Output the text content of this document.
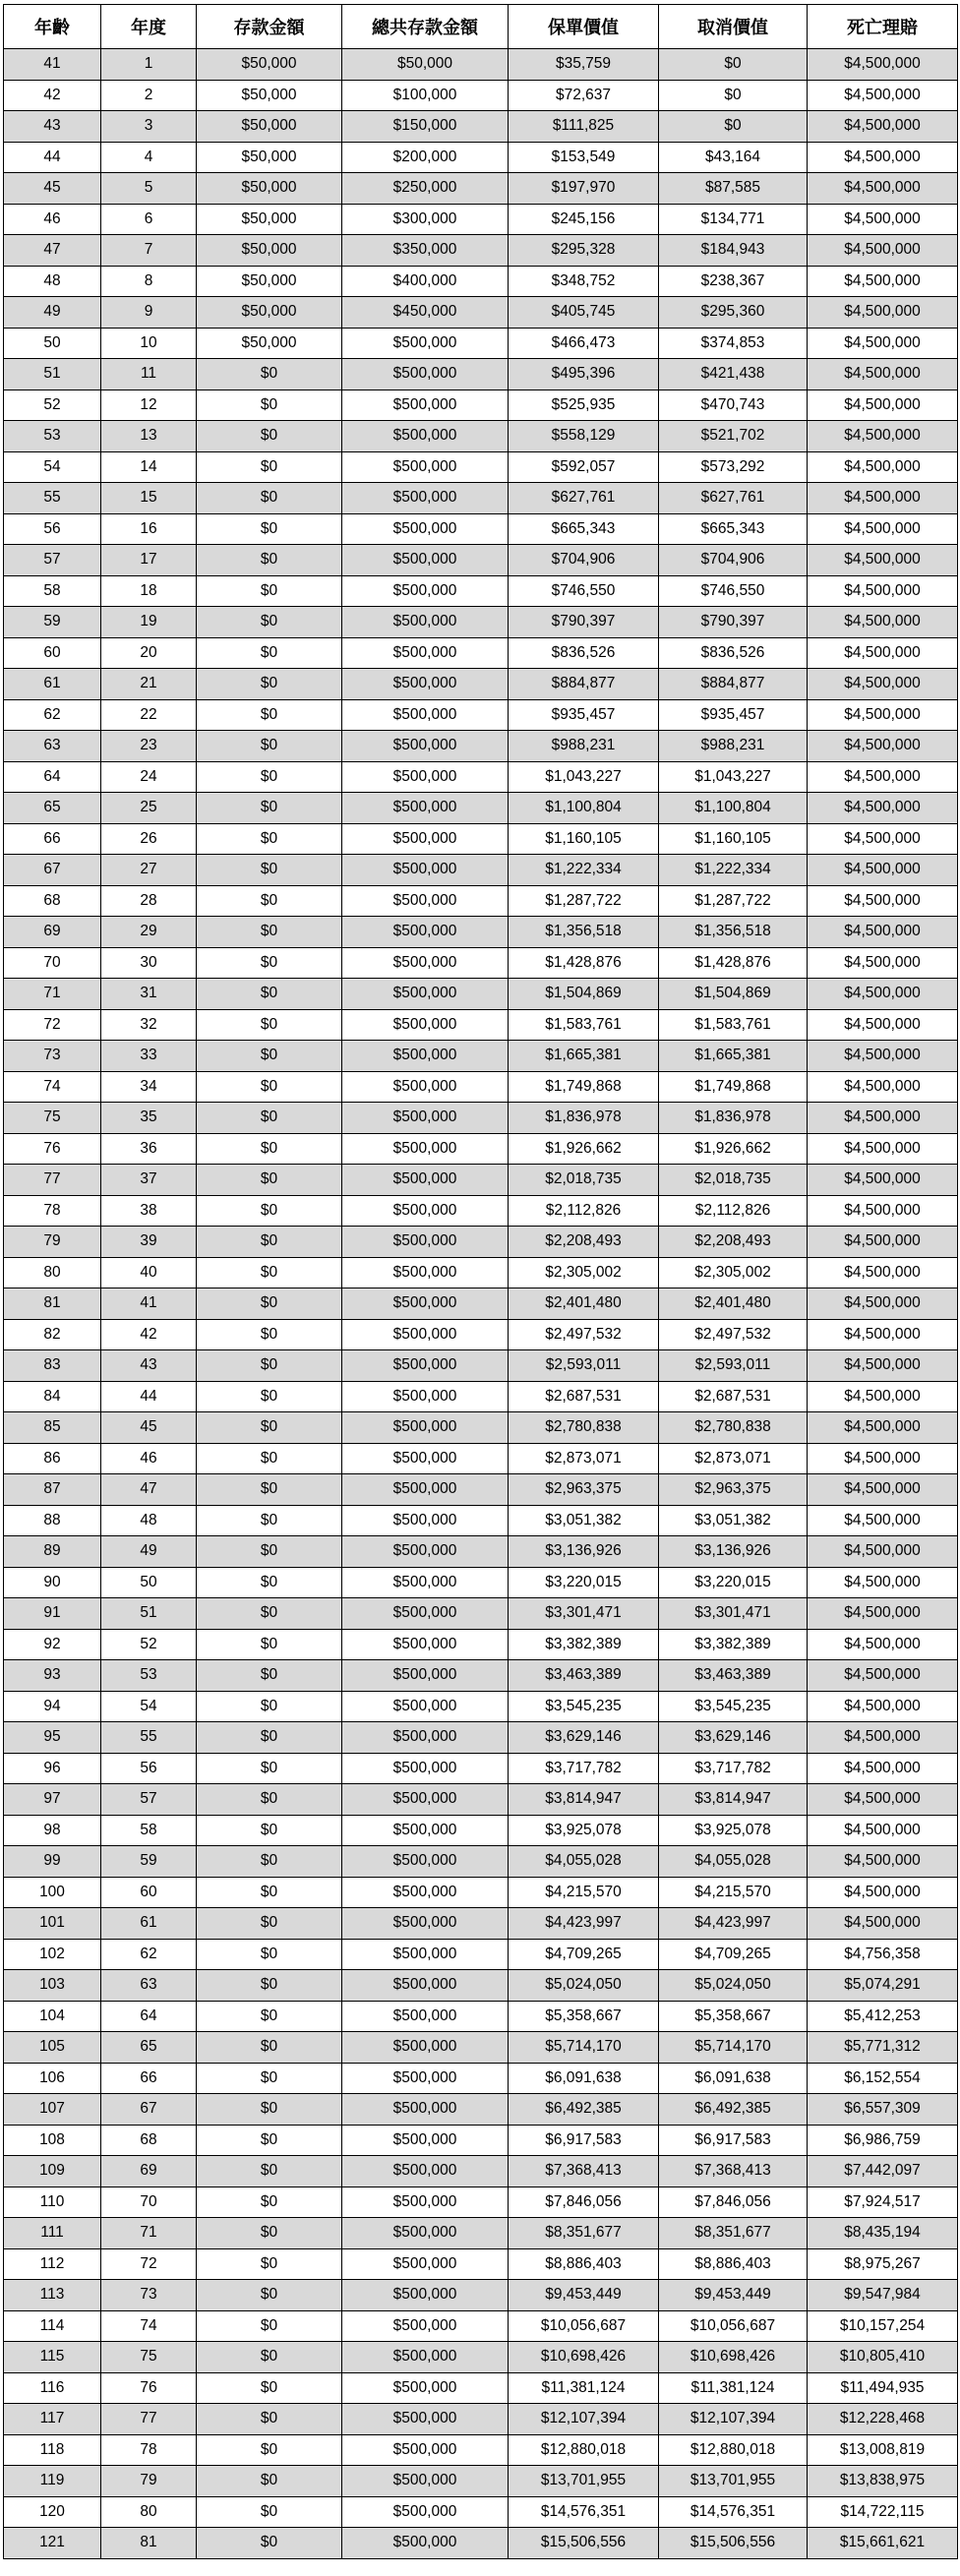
年齡	年度	存款金額	總共存款金額	保單價值	取消價值	死亡理賠
41	1	$50,000	$50,000	$35,759	$0	$4,500,000
42	2	$50,000	$100,000	$72,637	$0	$4,500,000
43	3	$50,000	$150,000	$111,825	$0	$4,500,000
44	4	$50,000	$200,000	$153,549	$43,164	$4,500,000
45	5	$50,000	$250,000	$197,970	$87,585	$4,500,000
46	6	$50,000	$300,000	$245,156	$134,771	$4,500,000
47	7	$50,000	$350,000	$295,328	$184,943	$4,500,000
48	8	$50,000	$400,000	$348,752	$238,367	$4,500,000
49	9	$50,000	$450,000	$405,745	$295,360	$4,500,000
50	10	$50,000	$500,000	$466,473	$374,853	$4,500,000
51	11	$0	$500,000	$495,396	$421,438	$4,500,000
52	12	$0	$500,000	$525,935	$470,743	$4,500,000
53	13	$0	$500,000	$558,129	$521,702	$4,500,000
54	14	$0	$500,000	$592,057	$573,292	$4,500,000
55	15	$0	$500,000	$627,761	$627,761	$4,500,000
56	16	$0	$500,000	$665,343	$665,343	$4,500,000
57	17	$0	$500,000	$704,906	$704,906	$4,500,000
58	18	$0	$500,000	$746,550	$746,550	$4,500,000
59	19	$0	$500,000	$790,397	$790,397	$4,500,000
60	20	$0	$500,000	$836,526	$836,526	$4,500,000
61	21	$0	$500,000	$884,877	$884,877	$4,500,000
62	22	$0	$500,000	$935,457	$935,457	$4,500,000
63	23	$0	$500,000	$988,231	$988,231	$4,500,000
64	24	$0	$500,000	$1,043,227	$1,043,227	$4,500,000
65	25	$0	$500,000	$1,100,804	$1,100,804	$4,500,000
66	26	$0	$500,000	$1,160,105	$1,160,105	$4,500,000
67	27	$0	$500,000	$1,222,334	$1,222,334	$4,500,000
68	28	$0	$500,000	$1,287,722	$1,287,722	$4,500,000
69	29	$0	$500,000	$1,356,518	$1,356,518	$4,500,000
70	30	$0	$500,000	$1,428,876	$1,428,876	$4,500,000
71	31	$0	$500,000	$1,504,869	$1,504,869	$4,500,000
72	32	$0	$500,000	$1,583,761	$1,583,761	$4,500,000
73	33	$0	$500,000	$1,665,381	$1,665,381	$4,500,000
74	34	$0	$500,000	$1,749,868	$1,749,868	$4,500,000
75	35	$0	$500,000	$1,836,978	$1,836,978	$4,500,000
76	36	$0	$500,000	$1,926,662	$1,926,662	$4,500,000
77	37	$0	$500,000	$2,018,735	$2,018,735	$4,500,000
78	38	$0	$500,000	$2,112,826	$2,112,826	$4,500,000
79	39	$0	$500,000	$2,208,493	$2,208,493	$4,500,000
80	40	$0	$500,000	$2,305,002	$2,305,002	$4,500,000
81	41	$0	$500,000	$2,401,480	$2,401,480	$4,500,000
82	42	$0	$500,000	$2,497,532	$2,497,532	$4,500,000
83	43	$0	$500,000	$2,593,011	$2,593,011	$4,500,000
84	44	$0	$500,000	$2,687,531	$2,687,531	$4,500,000
85	45	$0	$500,000	$2,780,838	$2,780,838	$4,500,000
86	46	$0	$500,000	$2,873,071	$2,873,071	$4,500,000
87	47	$0	$500,000	$2,963,375	$2,963,375	$4,500,000
88	48	$0	$500,000	$3,051,382	$3,051,382	$4,500,000
89	49	$0	$500,000	$3,136,926	$3,136,926	$4,500,000
90	50	$0	$500,000	$3,220,015	$3,220,015	$4,500,000
91	51	$0	$500,000	$3,301,471	$3,301,471	$4,500,000
92	52	$0	$500,000	$3,382,389	$3,382,389	$4,500,000
93	53	$0	$500,000	$3,463,389	$3,463,389	$4,500,000
94	54	$0	$500,000	$3,545,235	$3,545,235	$4,500,000
95	55	$0	$500,000	$3,629,146	$3,629,146	$4,500,000
96	56	$0	$500,000	$3,717,782	$3,717,782	$4,500,000
97	57	$0	$500,000	$3,814,947	$3,814,947	$4,500,000
98	58	$0	$500,000	$3,925,078	$3,925,078	$4,500,000
99	59	$0	$500,000	$4,055,028	$4,055,028	$4,500,000
100	60	$0	$500,000	$4,215,570	$4,215,570	$4,500,000
101	61	$0	$500,000	$4,423,997	$4,423,997	$4,500,000
102	62	$0	$500,000	$4,709,265	$4,709,265	$4,756,358
103	63	$0	$500,000	$5,024,050	$5,024,050	$5,074,291
104	64	$0	$500,000	$5,358,667	$5,358,667	$5,412,253
105	65	$0	$500,000	$5,714,170	$5,714,170	$5,771,312
106	66	$0	$500,000	$6,091,638	$6,091,638	$6,152,554
107	67	$0	$500,000	$6,492,385	$6,492,385	$6,557,309
108	68	$0	$500,000	$6,917,583	$6,917,583	$6,986,759
109	69	$0	$500,000	$7,368,413	$7,368,413	$7,442,097
110	70	$0	$500,000	$7,846,056	$7,846,056	$7,924,517
111	71	$0	$500,000	$8,351,677	$8,351,677	$8,435,194
112	72	$0	$500,000	$8,886,403	$8,886,403	$8,975,267
113	73	$0	$500,000	$9,453,449	$9,453,449	$9,547,984
114	74	$0	$500,000	$10,056,687	$10,056,687	$10,157,254
115	75	$0	$500,000	$10,698,426	$10,698,426	$10,805,410
116	76	$0	$500,000	$11,381,124	$11,381,124	$11,494,935
117	77	$0	$500,000	$12,107,394	$12,107,394	$12,228,468
118	78	$0	$500,000	$12,880,018	$12,880,018	$13,008,819
119	79	$0	$500,000	$13,701,955	$13,701,955	$13,838,975
120	80	$0	$500,000	$14,576,351	$14,576,351	$14,722,115
121	81	$0	$500,000	$15,506,556	$15,506,556	$15,661,621
